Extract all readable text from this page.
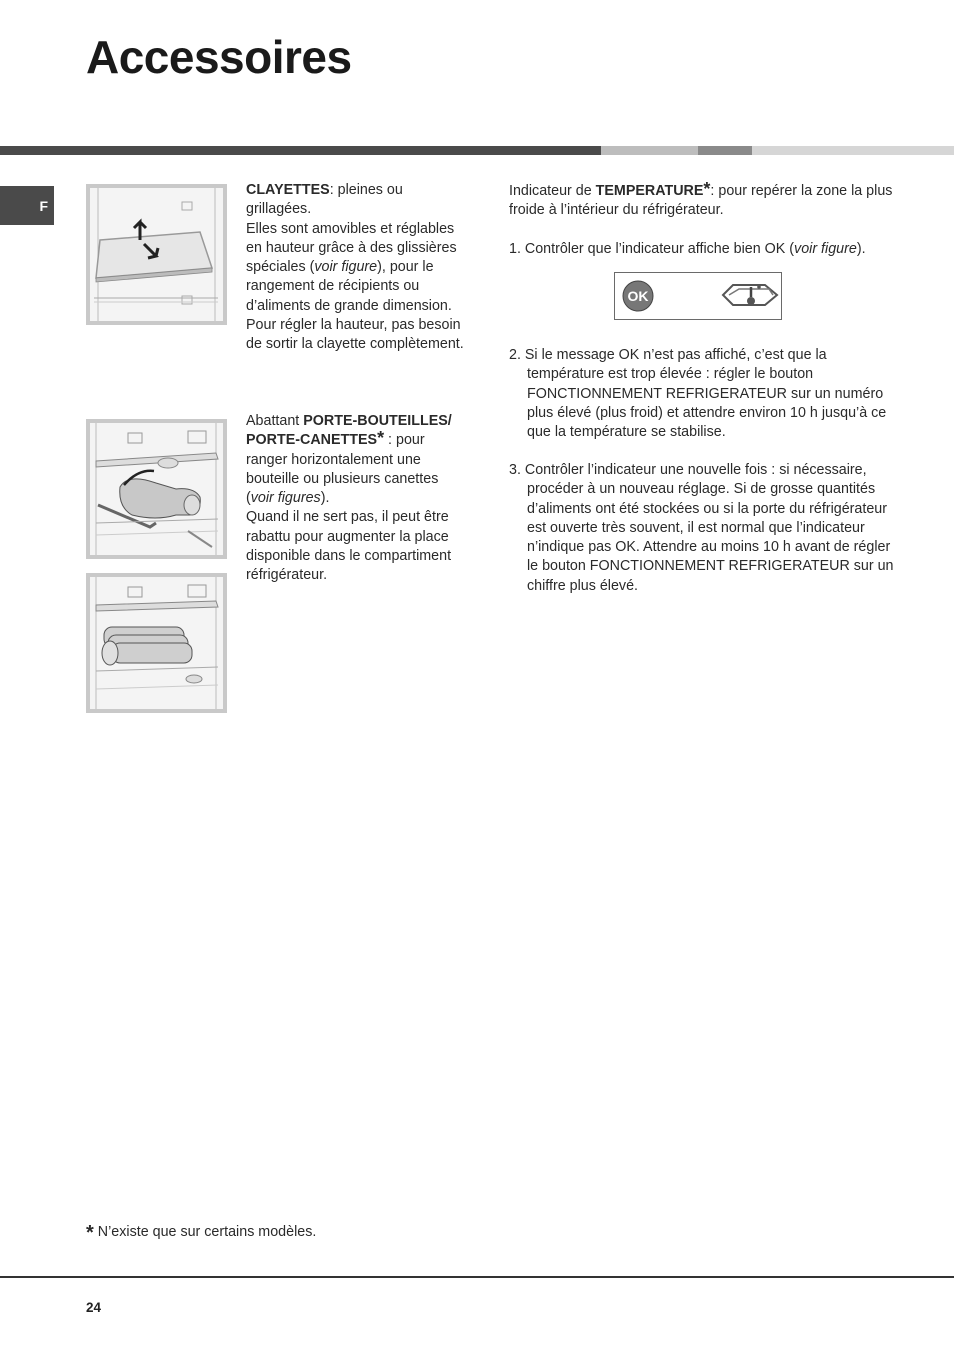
Accessoires
F

CLAYETTES: pleines ou grillagées.

Elles sont amovibles et réglables en hauteur grâce à des glissières spéciales (voir figure), pour le rangement de récipients ou d’aliments de grande dimension.

Pour régler la hauteur, pas besoin de sortir la clayette complètement.

Abattant PORTE-BOUTEILLES/ PORTE-CANETTES* : pour ranger horizontalement une bouteille ou plusieurs canettes (voir figures).

Quand il ne sert pas, il peut être rabattu pour augmenter la place disponible dans le compartiment réfrigérateur.

Indicateur de TEMPERATURE*: pour repérer la zone la plus froide à l’intérieur du réfrigérateur.

1. Contrôler que l’indicateur affiche bien OK (voir figure).

OK

2. Si le message OK n’est pas affiché, c’est que la température est trop élevée : régler le bouton FONCTIONNEMENT REFRIGERATEUR sur un numéro plus élevé (plus froid) et attendre environ 10 h jusqu’à ce que la température se stabilise.

3. Contrôler l’indicateur une nouvelle fois : si nécessaire, procéder à un nouveau réglage. Si de grosse quantités d’aliments ont été stockées ou si la porte du réfrigérateur est ouverte très souvent, il est normal que l’indicateur n’indique pas OK. Attendre au moins 10 h avant de régler le bouton FONCTIONNEMENT REFRIGERATEUR sur un chiffre plus élevé.

* N’existe que sur certains modèles.
24
